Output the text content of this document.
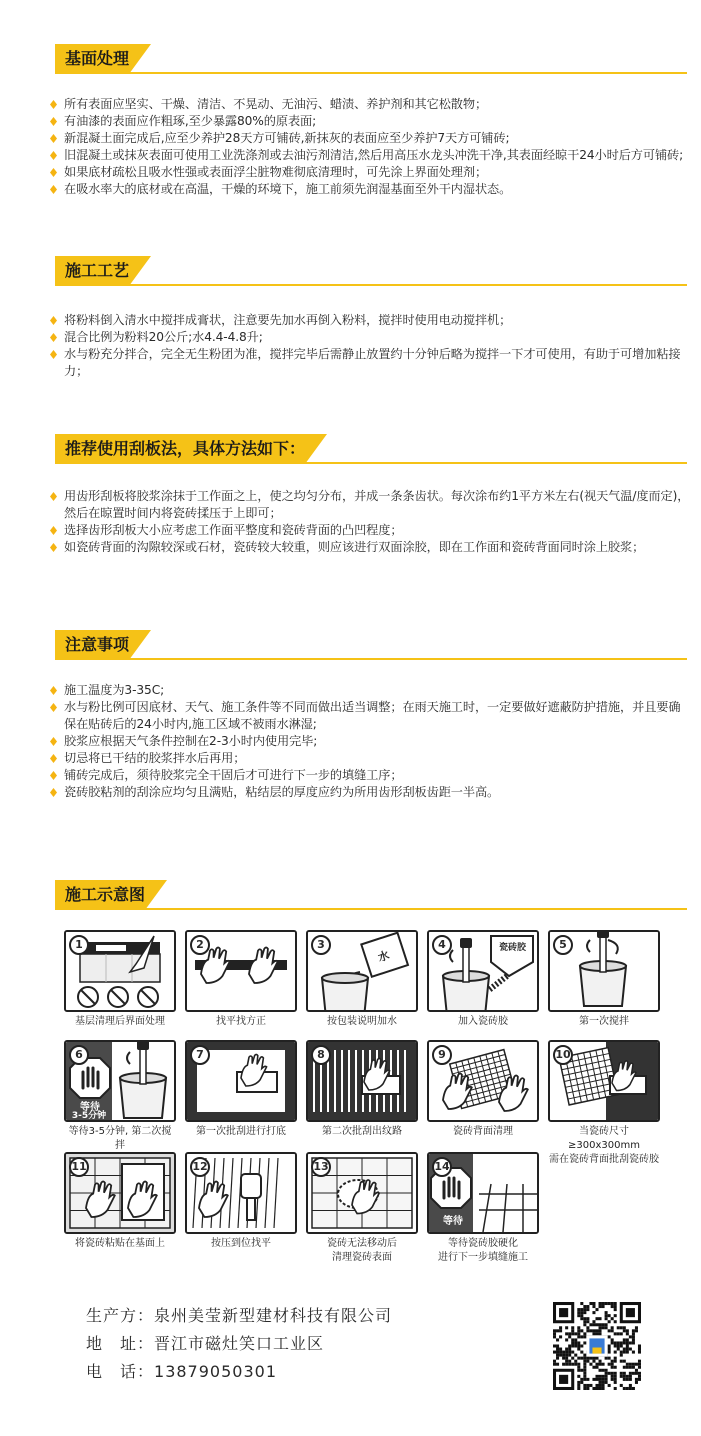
基面处理
所有表面应坚实、干燥、清洁、不晃动、无油污、蜡渍、养护剂和其它松散物；
有油漆的表面应作粗琢,至少暴露80%的原表面;
新混凝土面完成后,应至少养护28天方可铺砖,新抹灰的表面应至少养护7天方可铺砖;
旧混凝土或抹灰表面可使用工业洗涤剂或去油污剂清洁,然后用高压水龙头冲洗干净,其表面经晾干24小时后方可铺砖;
如果底材疏松且吸水性强或表面浮尘脏物难彻底清理时，可先涂上界面处理剂；
在吸水率大的底材或在高温，干燥的环境下，施工前须先润湿基面至外干内湿状态。
施工工艺
将粉料倒入清水中搅拌成膏状，注意要先加水再倒入粉料，搅拌时使用电动搅拌机；
混合比例为粉料20公斤;水4.4-4.8升;
水与粉充分拌合，完全无生粉团为准，搅拌完毕后需静止放置约十分钟后略为搅拌一下才可使用，有助于可增加粘接力；
推荐使用刮板法，具体方法如下：
用齿形刮板将胶浆涂抹于工作面之上，使之均匀分布，并成一条条齿状。每次涂布约1平方米左右(视天气温/度而定)，然后在晾置时间内将瓷砖揉压于上即可；
选择齿形刮板大小应考虑工作面平整度和瓷砖背面的凸凹程度；
如瓷砖背面的沟隙较深或石材，瓷砖较大较重，则应该进行双面涂胶，即在工作面和瓷砖背面同时涂上胶浆；
注意事项
施工温度为3-35C;
水与粉比例可因底材、天气、施工条件等不同而做出适当调整；在雨天施工时，一定要做好遮蔽防护措施，并且要确保在贴砖后的24小时内,施工区域不被雨水淋湿;
胶浆应根据天气条件控制在2-3小时内使用完毕;
切忌将已干结的胶浆拌水后再用；
铺砖完成后，须待胶浆完全干固后才可进行下一步的填缝工序；
瓷砖胶粘剂的刮涂应均匀且满贴，粘结层的厚度应约为所用齿形刮板齿距一半高。
施工示意图
1
基层清理后界面处理
2
找平找方正
3
水
按包装说明加水
4	瓷砖胶
加入瓷砖胶
5
第一次搅拌
6
等待
3-5分钟
等待3-5分钟, 第二次搅拌
7
第一次批刮进行打底
8
第二次批刮出纹路
9
瓷砖背面清理
10
当瓷砖尺寸≥300x300mm
需在瓷砖背面批刮瓷砖胶
11
将瓷砖粘贴在基面上
12
按压到位找平
13
瓷砖无法移动后
清理瓷砖表面
14
等待
等待瓷砖胶硬化
进行下一步填缝施工
生产方：泉州美莹新型建材科技有限公司
地　址：晋江市磁灶笑口工业区
电　话：13879050301
